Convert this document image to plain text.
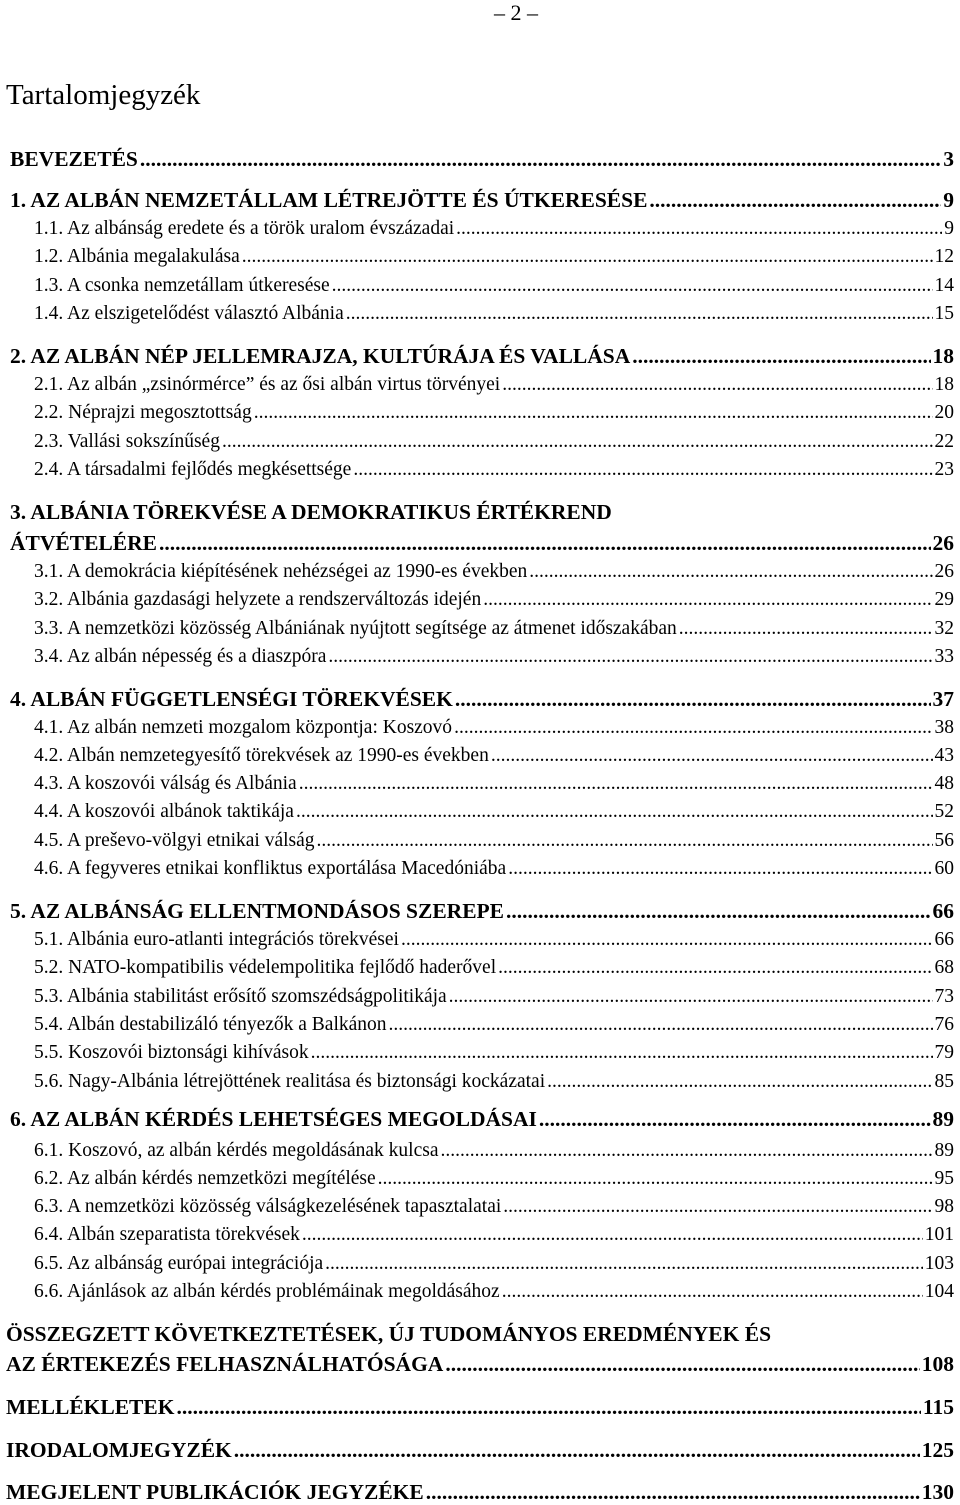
– 2 –
Tartalomjegyzék
BEVEZETÉS .....	3
1. AZ ALBÁN NEMZETÁLLAM LÉTREJÖTTE ÉS ÚTKERESÉSE .....	9
1.1. Az albánság eredete és a török uralom évszázadai .....	9
1.2. Albánia megalakulása .....	12
1.3. A csonka nemzetállam útkeresése .....	14
1.4. Az elszigetelődést választó Albánia .....	15
2. AZ ALBÁN NÉP JELLEMRAJZA, KULTÚRÁJA ÉS VALLÁSA .....	18
2.1. Az albán „zsinórmérce” és az ősi albán virtus törvényei .....	18
2.2. Néprajzi megosztottság .....	20
2.3. Vallási sokszínűség .....	22
2.4. A társadalmi fejlődés megkésettsége .....	23
3. ALBÁNIA TÖREKVÉSE A DEMOKRATIKUS ÉRTÉKREND
ÁTVÉTELÉRE .....	26
3.1. A demokrácia kiépítésének nehézségei az 1990-es években .....	26
3.2. Albánia gazdasági helyzete a rendszerváltozás idején .....	29
3.3. A nemzetközi közösség Albániának nyújtott segítsége az átmenet időszakában .....	32
3.4. Az albán népesség és a diaszpóra .....	33
4. ALBÁN FÜGGETLENSÉGI TÖREKVÉSEK .....	37
4.1. Az albán nemzeti mozgalom központja: Koszovó .....	38
4.2. Albán nemzetegyesítő törekvések az 1990-es években .....	43
4.3. A koszovói válság és Albánia .....	48
4.4. A koszovói albánok taktikája .....	52
4.5. A preševo-völgyi etnikai válság .....	56
4.6. A fegyveres etnikai konfliktus exportálása Macedóniába .....	60
5. AZ ALBÁNSÁG ELLENTMONDÁSOS SZEREPE .....	66
5.1. Albánia euro-atlanti integrációs törekvései .....	66
5.2. NATO-kompatibilis védelempolitika fejlődő haderővel .....	68
5.3. Albánia stabilitást erősítő szomszédságpolitikája .....	73
5.4. Albán destabilizáló tényezők a Balkánon .....	76
5.5. Koszovói biztonsági kihívások .....	79
5.6. Nagy-Albánia létrejöttének realitása és biztonsági kockázatai .....	85
6. AZ ALBÁN KÉRDÉS LEHETSÉGES MEGOLDÁSAI .....	89
6.1. Koszovó, az albán kérdés megoldásának kulcsa .....	89
6.2. Az albán kérdés nemzetközi megítélése .....	95
6.3. A nemzetközi közösség válságkezelésének tapasztalatai .....	98
6.4. Albán szeparatista törekvések .....	101
6.5. Az albánság európai integrációja .....	103
6.6. Ajánlások az albán kérdés problémáinak megoldásához .....	104
ÖSSZEGZETT KÖVETKEZTETÉSEK, ÚJ TUDOMÁNYOS EREDMÉNYEK ÉS
AZ ÉRTEKEZÉS FELHASZNÁLHATÓSÁGA .....	108
MELLÉKLETEK .....	115
IRODALOMJEGYZÉK .....	125
MEGJELENT PUBLIKÁCIÓK JEGYZÉKE .....	130
